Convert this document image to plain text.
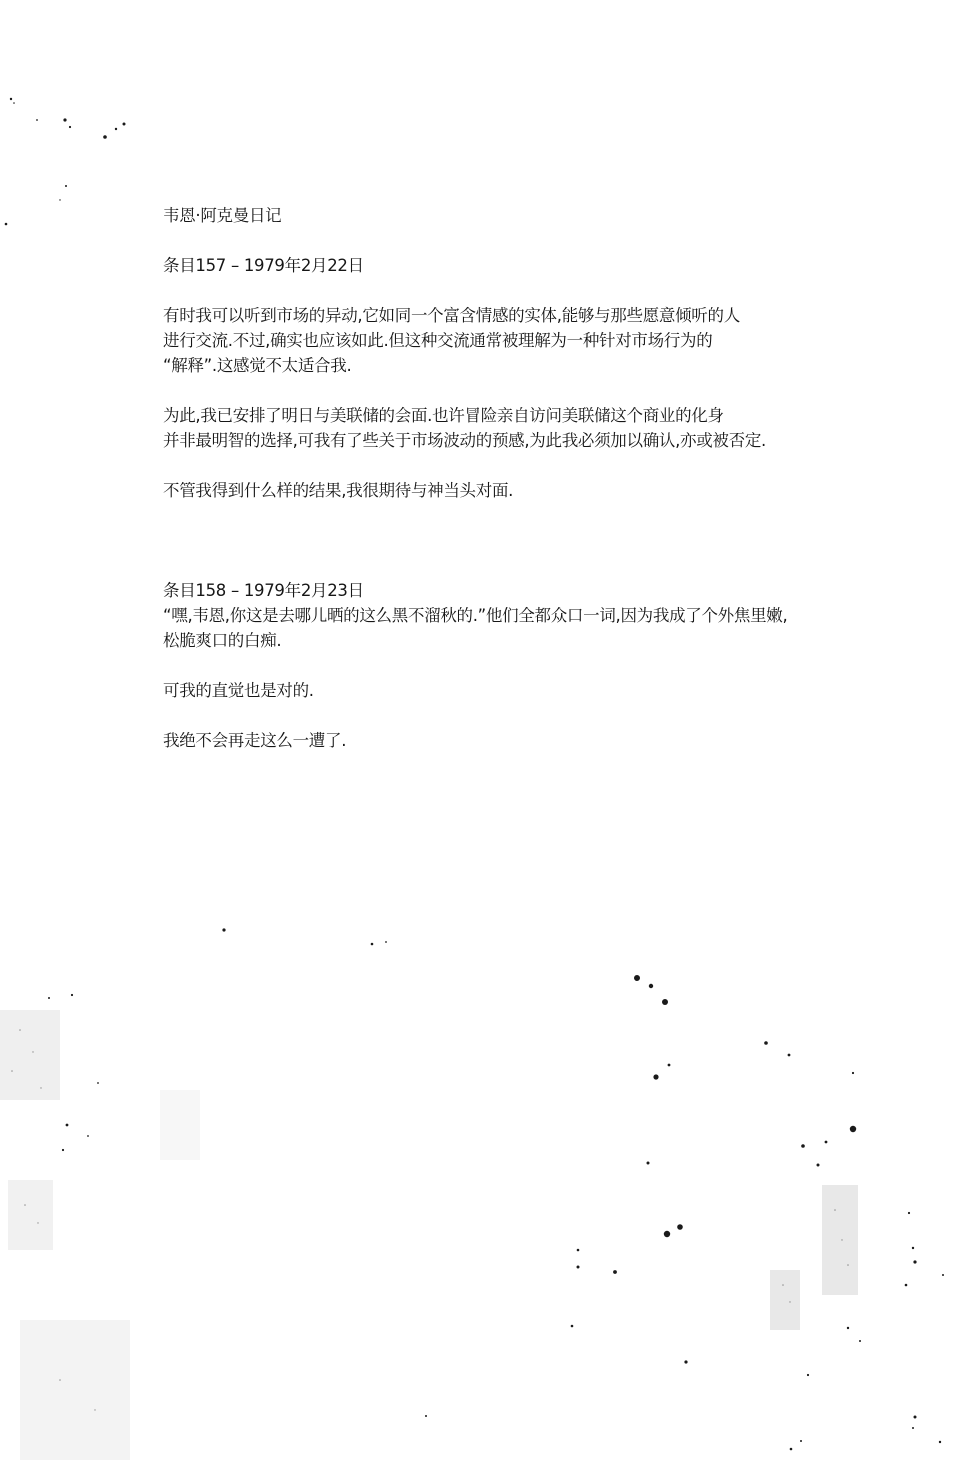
韦恩·阿克曼日记

条目157 – 1979年2月22日

有时我可以听到市场的异动,它如同一个富含情感的实体,能够与那些愿意倾听的人

进行交流.不过,确实也应该如此.但这种交流通常被理解为一种针对市场行为的

“解释”.这感觉不太适合我.

为此,我已安排了明日与美联储的会面.也许冒险亲自访问美联储这个商业的化身

并非最明智的选择,可我有了些关于市场波动的预感,为此我必须加以确认,亦或被否定.

不管我得到什么样的结果,我很期待与神当头对面.

条目158 – 1979年2月23日

“嘿,韦恩,你这是去哪儿晒的这么黑不溜秋的.”他们全都众口一词,因为我成了个外焦里嫩,

松脆爽口的白痴.

可我的直觉也是对的.

我绝不会再走这么一遭了.
